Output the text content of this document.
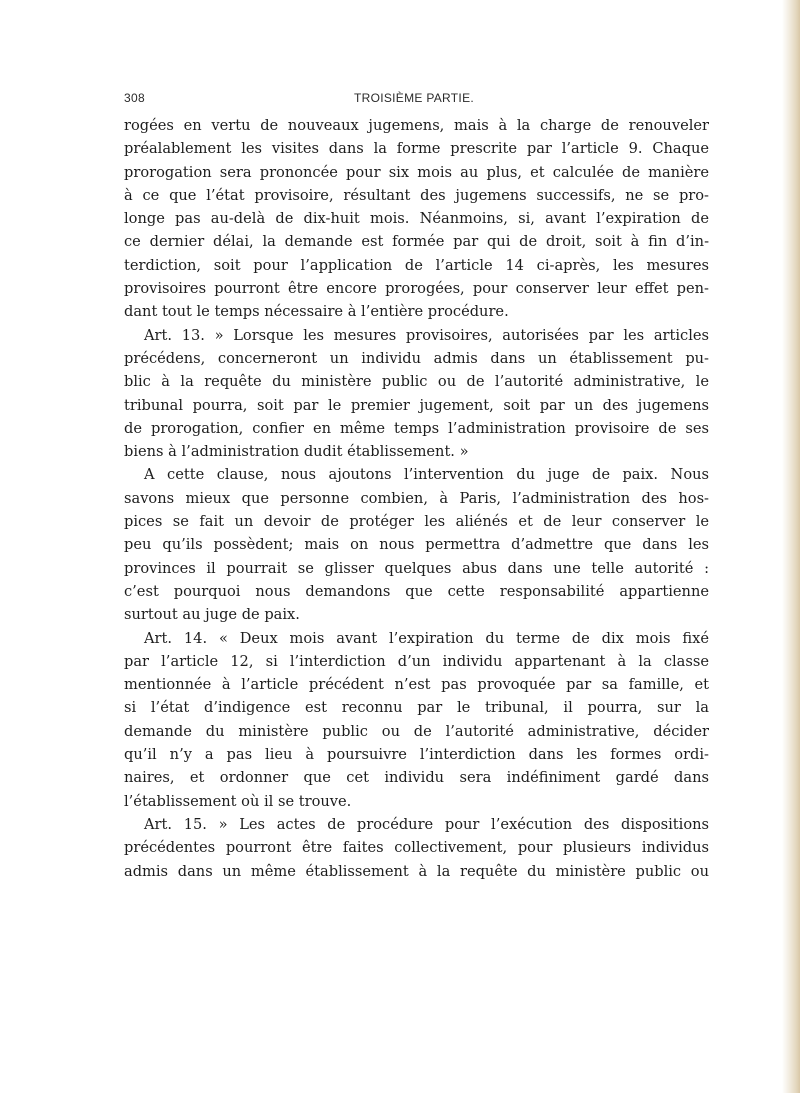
308	TROISIÈME PARTIE.
rogées en vertu de nouveaux jugemens, mais à la charge de renouveler
préalablement les visites dans la forme prescrite par l’article 9. Chaque
prorogation sera prononcée pour six mois au plus, et calculée de manière
à ce que l’état provisoire, résultant des jugemens successifs, ne se pro-
longe pas au-delà de dix-huit mois. Néanmoins, si, avant l’expiration de
ce dernier délai, la demande est formée par qui de droit, soit à fin d’in-
terdiction, soit pour l’application de l’article 14 ci-après, les mesures
provisoires pourront être encore prorogées, pour conserver leur effet pen-
dant tout le temps nécessaire à l’entière procédure.
Art. 13. » Lorsque les mesures provisoires, autorisées par les articles
précédens, concerneront un individu admis dans un établissement pu-
blic à la requête du ministère public ou de l’autorité administrative, le
tribunal pourra, soit par le premier jugement, soit par un des jugemens
de prorogation, confier en même temps l’administration provisoire de ses
biens à l’administration dudit établissement. »
A cette clause, nous ajoutons l’intervention du juge de paix. Nous
savons mieux que personne combien, à Paris, l’administration des hos-
pices se fait un devoir de protéger les aliénés et de leur conserver le
peu qu’ils possèdent; mais on nous permettra d’admettre que dans les
provinces il pourrait se glisser quelques abus dans une telle autorité :
c’est pourquoi nous demandons que cette responsabilité appartienne
surtout au juge de paix.
Art. 14. « Deux mois avant l’expiration du terme de dix mois fixé
par l’article 12, si l’interdiction d’un individu appartenant à la classe
mentionnée à l’article précédent n’est pas provoquée par sa famille, et
si l’état d’indigence est reconnu par le tribunal, il pourra, sur la
demande du ministère public ou de l’autorité administrative, décider
qu’il n’y a pas lieu à poursuivre l’interdiction dans les formes ordi-
naires, et ordonner que cet individu sera indéfiniment gardé dans
l’établissement où il se trouve.
Art. 15. » Les actes de procédure pour l’exécution des dispositions
précédentes pourront être faites collectivement, pour plusieurs individus
admis dans un même établissement à la requête du ministère public ou
